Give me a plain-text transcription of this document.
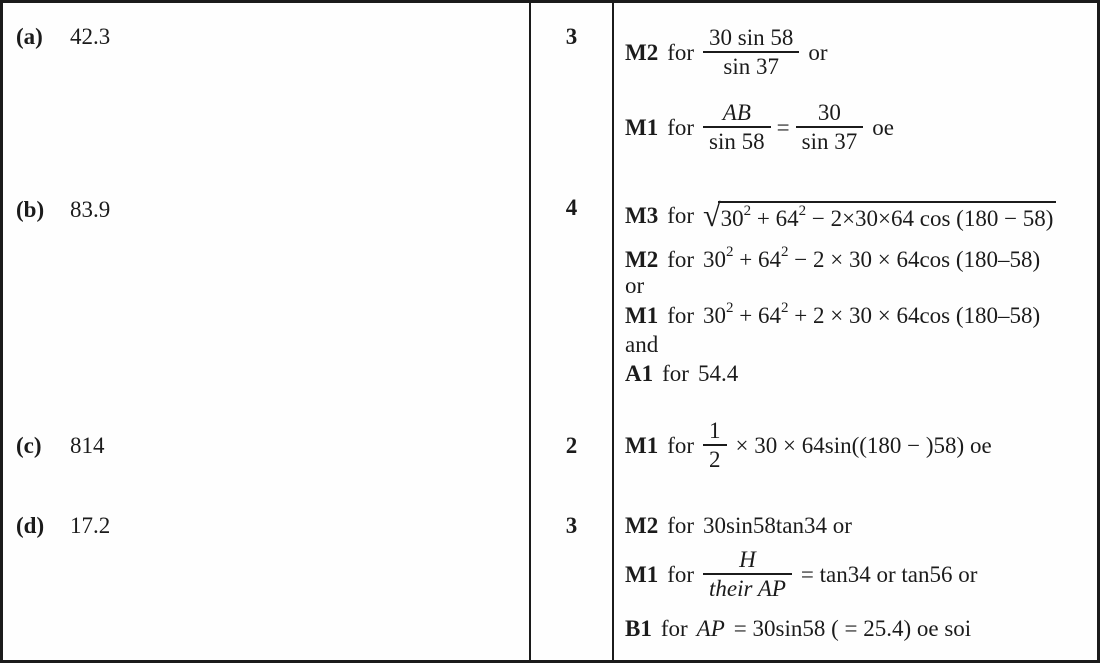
(a) 42.3	3
M2 for $\frac{30 \sin 58}{\sin 37}$ or
M1 for $\frac{AB}{\sin 58} = \frac{30}{\sin 37}$ oe
(b) 83.9	4	M3 for √ $30^2 + 64^2 - 2\times 30\times 64$ cos (180 − 58)
M2 for $30^2 + 64^2 - 2 \times 30 \times 64\cos$ (180–58)
or
M1 for $30^2 + 64^2 + 2 \times 30 \times 64\cos$ (180–58)
and
A1 for 54.4
(c) 814	2	M1 for $\frac{1}{2} \times 30 \times 64\sin((180 - )58)$ oe
(d) 17.2	3	M2 for 30sin58tan34 or
M1 for $\frac{H}{\text{their AP}} = \tan 34$ or tan56 or
B1 for AP = 30sin58 ( = 25.4) oe soi
